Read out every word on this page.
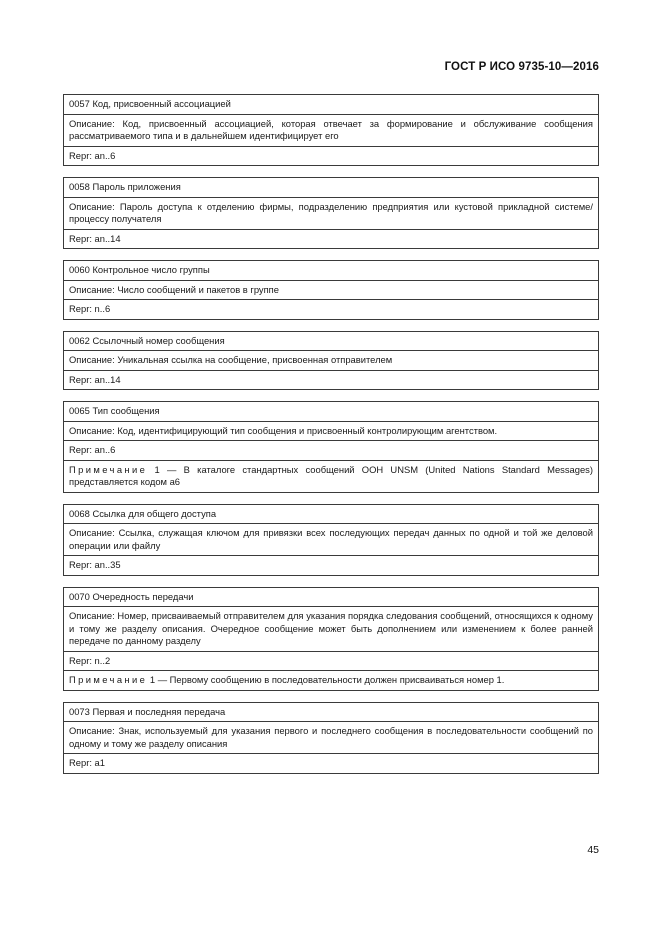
ГОСТ Р ИСО 9735-10—2016
0057 Код, присвоенный ассоциацией
Описание: Код, присвоенный ассоциацией, которая отвечает за формирование и обслуживание сообщения рассматриваемого типа и в дальнейшем идентифицирует его
Repr: an..6
0058 Пароль приложения
Описание: Пароль доступа к отделению фирмы, подразделению предприятия или кустовой прикладной системе/процессу получателя
Repr: an..14
0060 Контрольное число группы
Описание: Число сообщений и пакетов в группе
Repr: n..6
0062 Ссылочный номер сообщения
Описание: Уникальная ссылка на сообщение, присвоенная отправителем
Repr: an..14
0065 Тип сообщения
Описание: Код, идентифицирующий тип сообщения и присвоенный контролирующим агентством.
Repr: an..6
Примечание 1 — В каталоге стандартных сообщений ООН UNSM (United Nations Standard Messages) представляется кодом a6
0068 Ссылка для общего доступа
Описание: Ссылка, служащая ключом для привязки всех последующих передач данных по одной и той же деловой операции или файлу
Repr: an..35
0070 Очередность передачи
Описание: Номер, присваиваемый отправителем для указания порядка следования сообщений, относящихся к одному и тому же разделу описания. Очередное сообщение может быть дополнением или изменением к более ранней передаче по данному разделу
Repr: n..2
Примечание 1 — Первому сообщению в последовательности должен присваиваться номер 1.
0073 Первая и последняя передача
Описание: Знак, используемый для указания первого и последнего сообщения в последовательности сообщений по одному и тому же разделу описания
Repr: a1
45
